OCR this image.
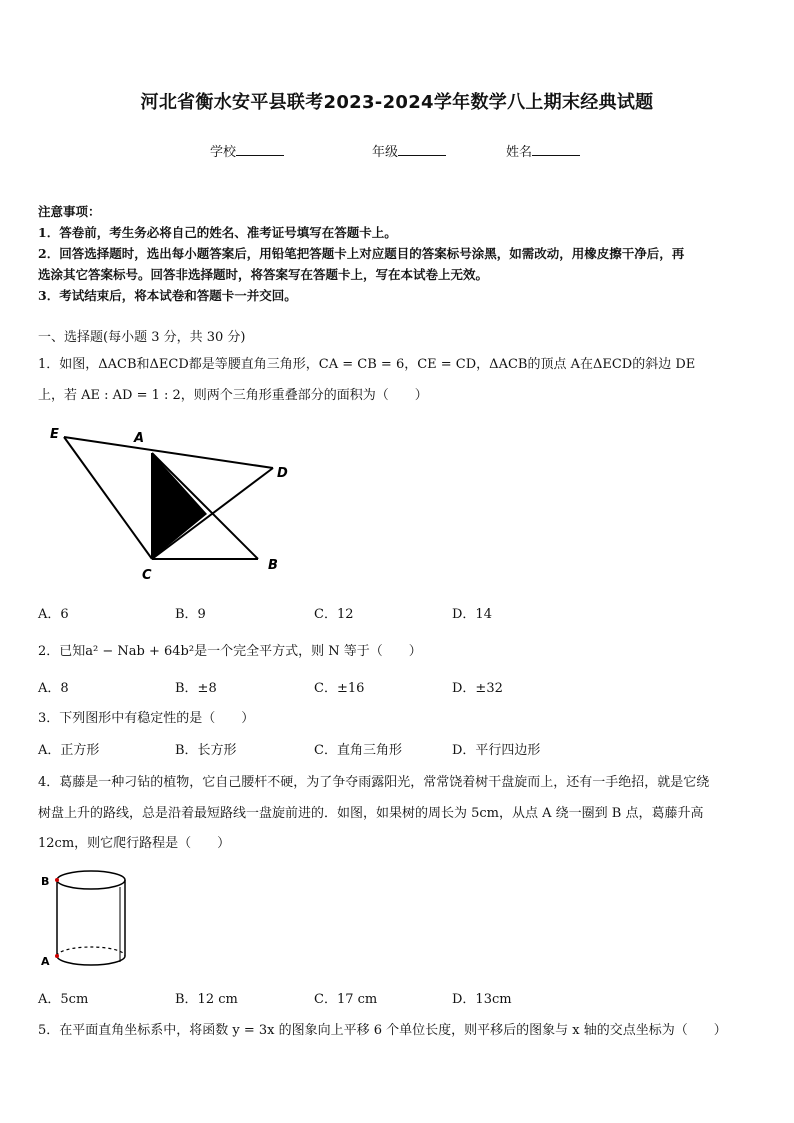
河北省衡水安平县联考2023-2024学年数学八上期末经典试题
学校	年级	姓名
注意事项：
1．答卷前，考生务必将自己的姓名、准考证号填写在答题卡上。
2．回答选择题时，选出每小题答案后，用铅笔把答题卡上对应题目的答案标号涂黑，如需改动，用橡皮擦干净后，再
选涂其它答案标号。回答非选择题时，将答案写在答题卡上，写在本试卷上无效。
3．考试结束后，将本试卷和答题卡一并交回。
一、选择题(每小题 3 分，共 30 分)
1．如图，ΔACB和ΔECD都是等腰直角三角形，CA = CB = 6，CE = CD，ΔACB的顶点 A在ΔECD的斜边 DE
上，若 AE : AD = 1 : 2，则两个三角形重叠部分的面积为（　　）
E	A
D
C
B
A．6	B．9	C．12	D．14
2．已知a² − Nab + 64b²是一个完全平方式，则 N 等于（　　）
A．8	B．±8	C．±16	D．±32
3．下列图形中有稳定性的是（　　）
A．正方形	B．长方形	C．直角三角形	D．平行四边形
4．葛藤是一种刁钻的植物，它自己腰杆不硬，为了争夺雨露阳光，常常饶着树干盘旋而上，还有一手绝招，就是它绕
树盘上升的路线，总是沿着最短路线一盘旋前进的．如图，如果树的周长为 5cm，从点 A 绕一圈到 B 点，葛藤升高
12cm，则它爬行路程是（　　）
B
A
A．5cm	B．12 cm	C．17 cm	D．13cm
5．在平面直角坐标系中，将函数 y = 3x 的图象向上平移 6 个单位长度，则平移后的图象与 x 轴的交点坐标为（　　）
